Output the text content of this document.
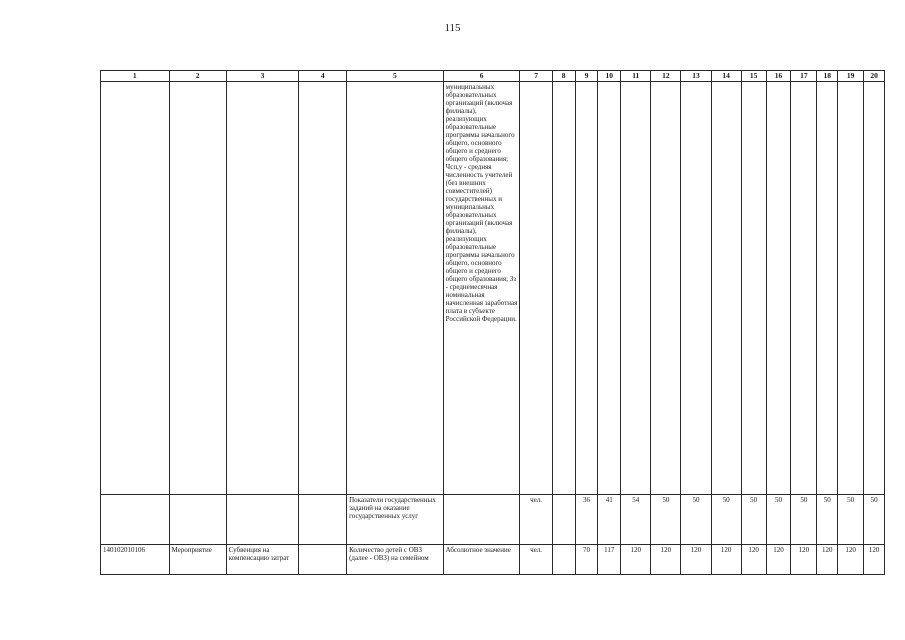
115
1	2	3	4	5	6	7	8	9	10	11	12	13	14	15	16	17	18	19	20
					муниципальных образовательных организаций (включая филиалы), реализующих образовательные программы начального общего, основного общего и среднего общего образования; Чсп,у - средняя численность учителей (без внешних совместителей) государственных и муниципальных образовательных организаций (включая филиалы), реализующих образовательные программы начального общего, основного общего и среднего общего образования; Зз - среднемесячная номинальная начисленная заработная плата в субъекте Российской Федерации.														
				Показатели государственных заданий на оказание государственных услуг		чел.		36	41	54	50	50	50	50	50	50	50	50	50
140102010106	Мероприятие	Субвенция на компенсацию затрат		Количество детей с ОВЗ (далее - ОВЗ) на семейном	Абсолютное значение	чел.		70	117	120	120	120	120	120	120	120	120	120	120
